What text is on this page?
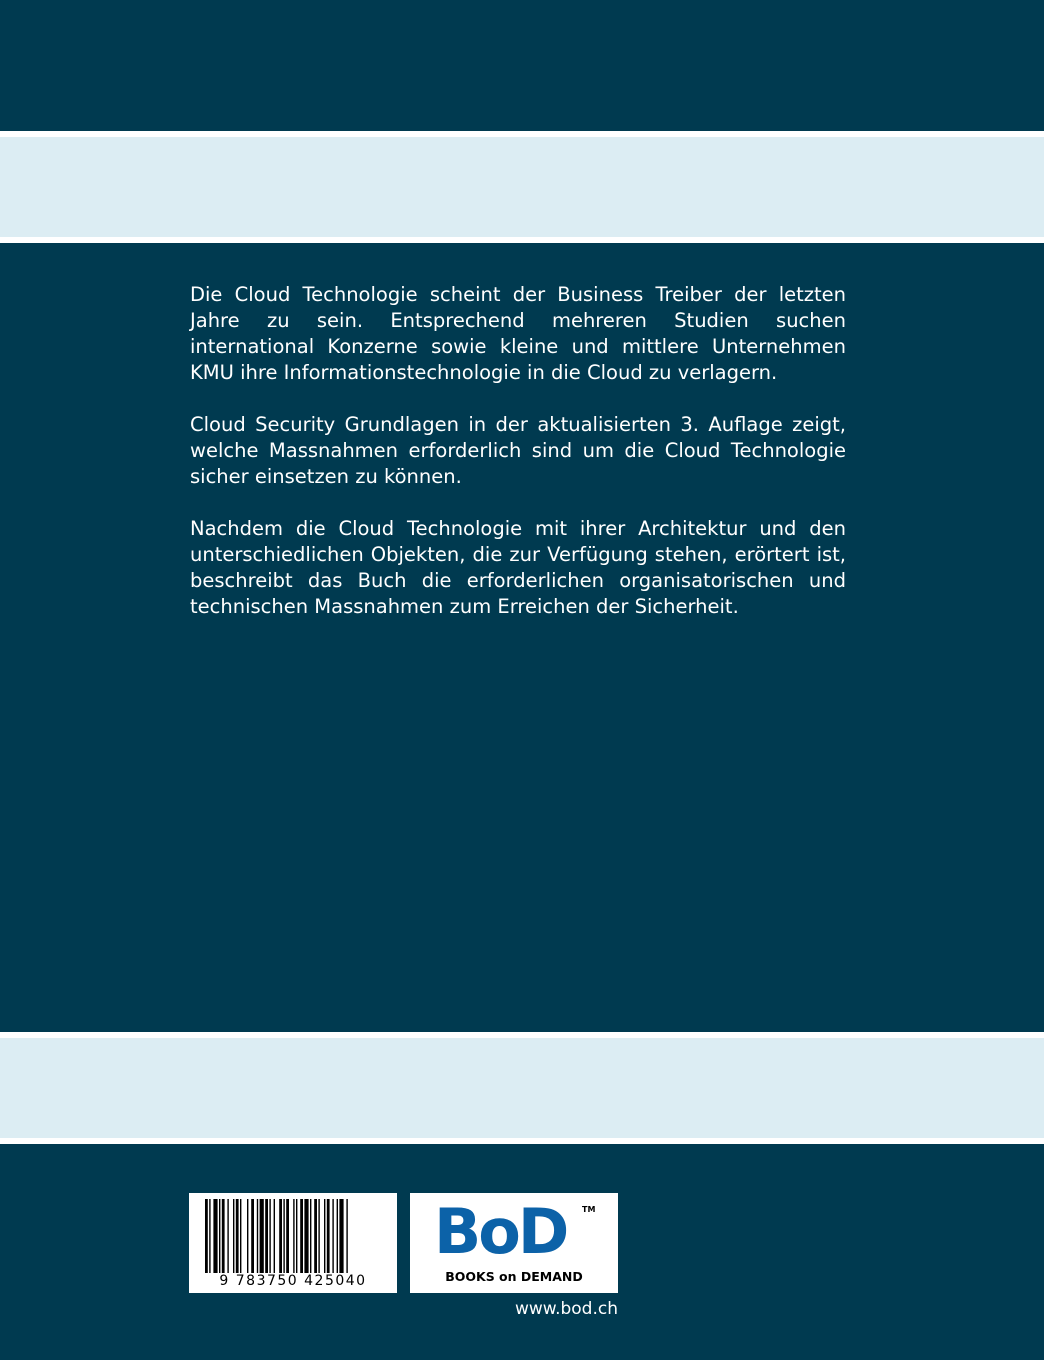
Die Cloud Technologie scheint der Business Treiber der letzten Jahre zu sein. Entsprechend mehreren Studien suchen international Konzerne sowie kleine und mittlere Unternehmen KMU ihre Informationstechnologie in die Cloud zu verlagern.

Cloud Security Grundlagen in der aktualisierten 3. Auflage zeigt, welche Massnahmen erforderlich sind um die Cloud Technologie sicher einsetzen zu können.

Nachdem die Cloud Technologie mit ihrer Architektur und den unterschiedlichen Objekten, die zur Verfügung stehen, erörtert ist, beschreibt das Buch die erforderlichen organisatorischen und technischen Massnahmen zum Erreichen der Sicherheit.

9 783750 425040
BoD TM
BOOKS on DEMAND
www.bod.ch
